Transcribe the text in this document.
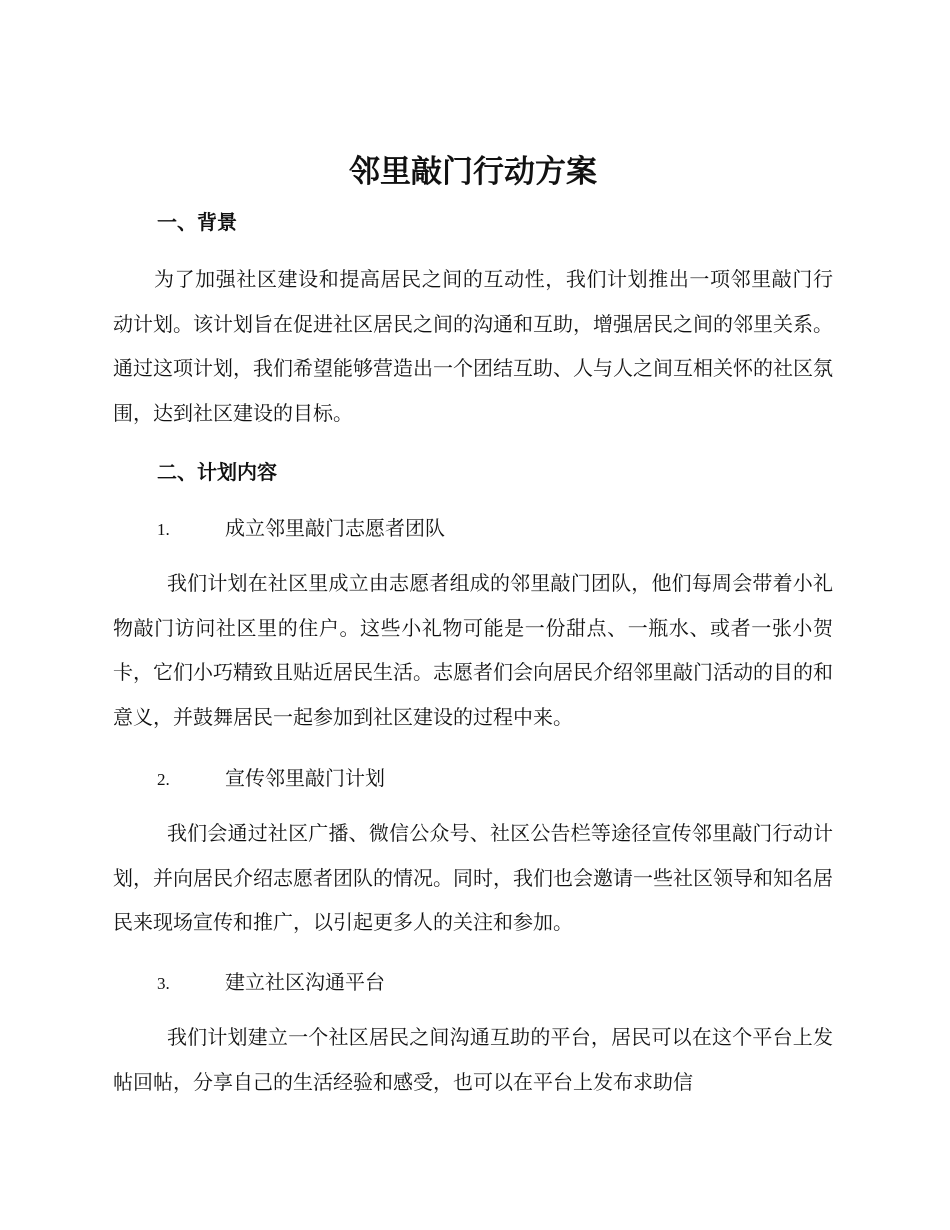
邻里敲门行动方案
一、背景

为了加强社区建设和提高居民之间的互动性，我们计划推出一项邻里敲门行动计划。该计划旨在促进社区居民之间的沟通和互助，增强居民之间的邻里关系。通过这项计划，我们希望能够营造出一个团结互助、人与人之间互相关怀的社区氛围，达到社区建设的目标。

二、计划内容
1.	成立邻里敲门志愿者团队

我们计划在社区里成立由志愿者组成的邻里敲门团队，他们每周会带着小礼物敲门访问社区里的住户。这些小礼物可能是一份甜点、一瓶水、或者一张小贺卡，它们小巧精致且贴近居民生活。志愿者们会向居民介绍邻里敲门活动的目的和意义，并鼓舞居民一起参加到社区建设的过程中来。

2.	宣传邻里敲门计划

我们会通过社区广播、微信公众号、社区公告栏等途径宣传邻里敲门行动计划，并向居民介绍志愿者团队的情况。同时，我们也会邀请一些社区领导和知名居民来现场宣传和推广，以引起更多人的关注和参加。

3.	建立社区沟通平台

我们计划建立一个社区居民之间沟通互助的平台，居民可以在这个平台上发帖回帖，分享自己的生活经验和感受，也可以在平台上发布求助信
